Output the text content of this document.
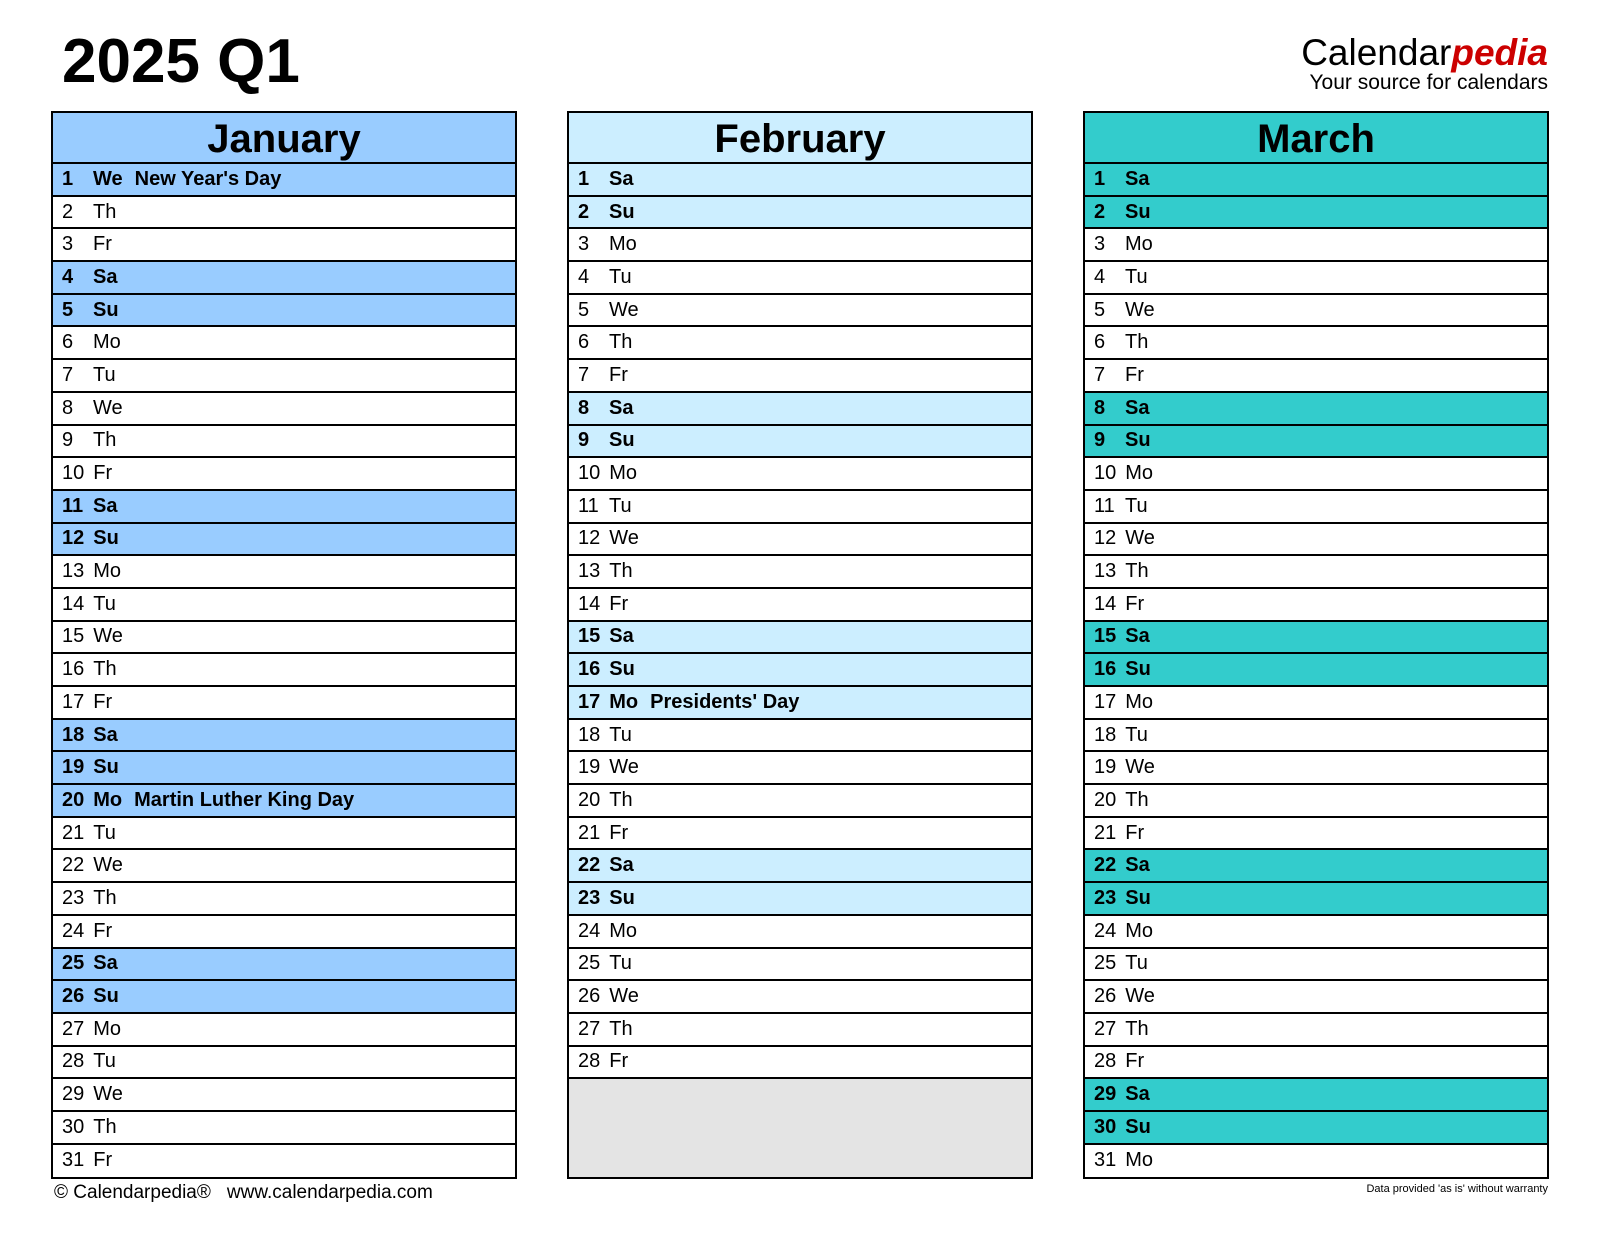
2025 Q1	Calendarpedia
Your source for calendars
January
1 We New Year's Day
2 Th
3 Fr
4 Sa
5 Su
6 Mo
7 Tu
8 We
9 Th
10 Fr
11 Sa
12 Su
13 Mo
14 Tu
15 We
16 Th
17 Fr
18 Sa
19 Su
20 Mo Martin Luther King Day
21 Tu
22 We
23 Th
24 Fr
25 Sa
26 Su
27 Mo
28 Tu
29 We
30 Th
31 Fr
February
1 Sa
2 Su
3 Mo
4 Tu
5 We
6 Th
7 Fr
8 Sa
9 Su
10 Mo
11 Tu
12 We
13 Th
14 Fr
15 Sa
16 Su
17 Mo Presidents' Day
18 Tu
19 We
20 Th
21 Fr
22 Sa
23 Su
24 Mo
25 Tu
26 We
27 Th
28 Fr
March
1 Sa
2 Su
3 Mo
4 Tu
5 We
6 Th
7 Fr
8 Sa
9 Su
10 Mo
11 Tu
12 We
13 Th
14 Fr
15 Sa
16 Su
17 Mo
18 Tu
19 We
20 Th
21 Fr
22 Sa
23 Su
24 Mo
25 Tu
26 We
27 Th
28 Fr
29 Sa
30 Su
31 Mo
© Calendarpedia® www.calendarpedia.com	Data provided 'as is' without warranty
